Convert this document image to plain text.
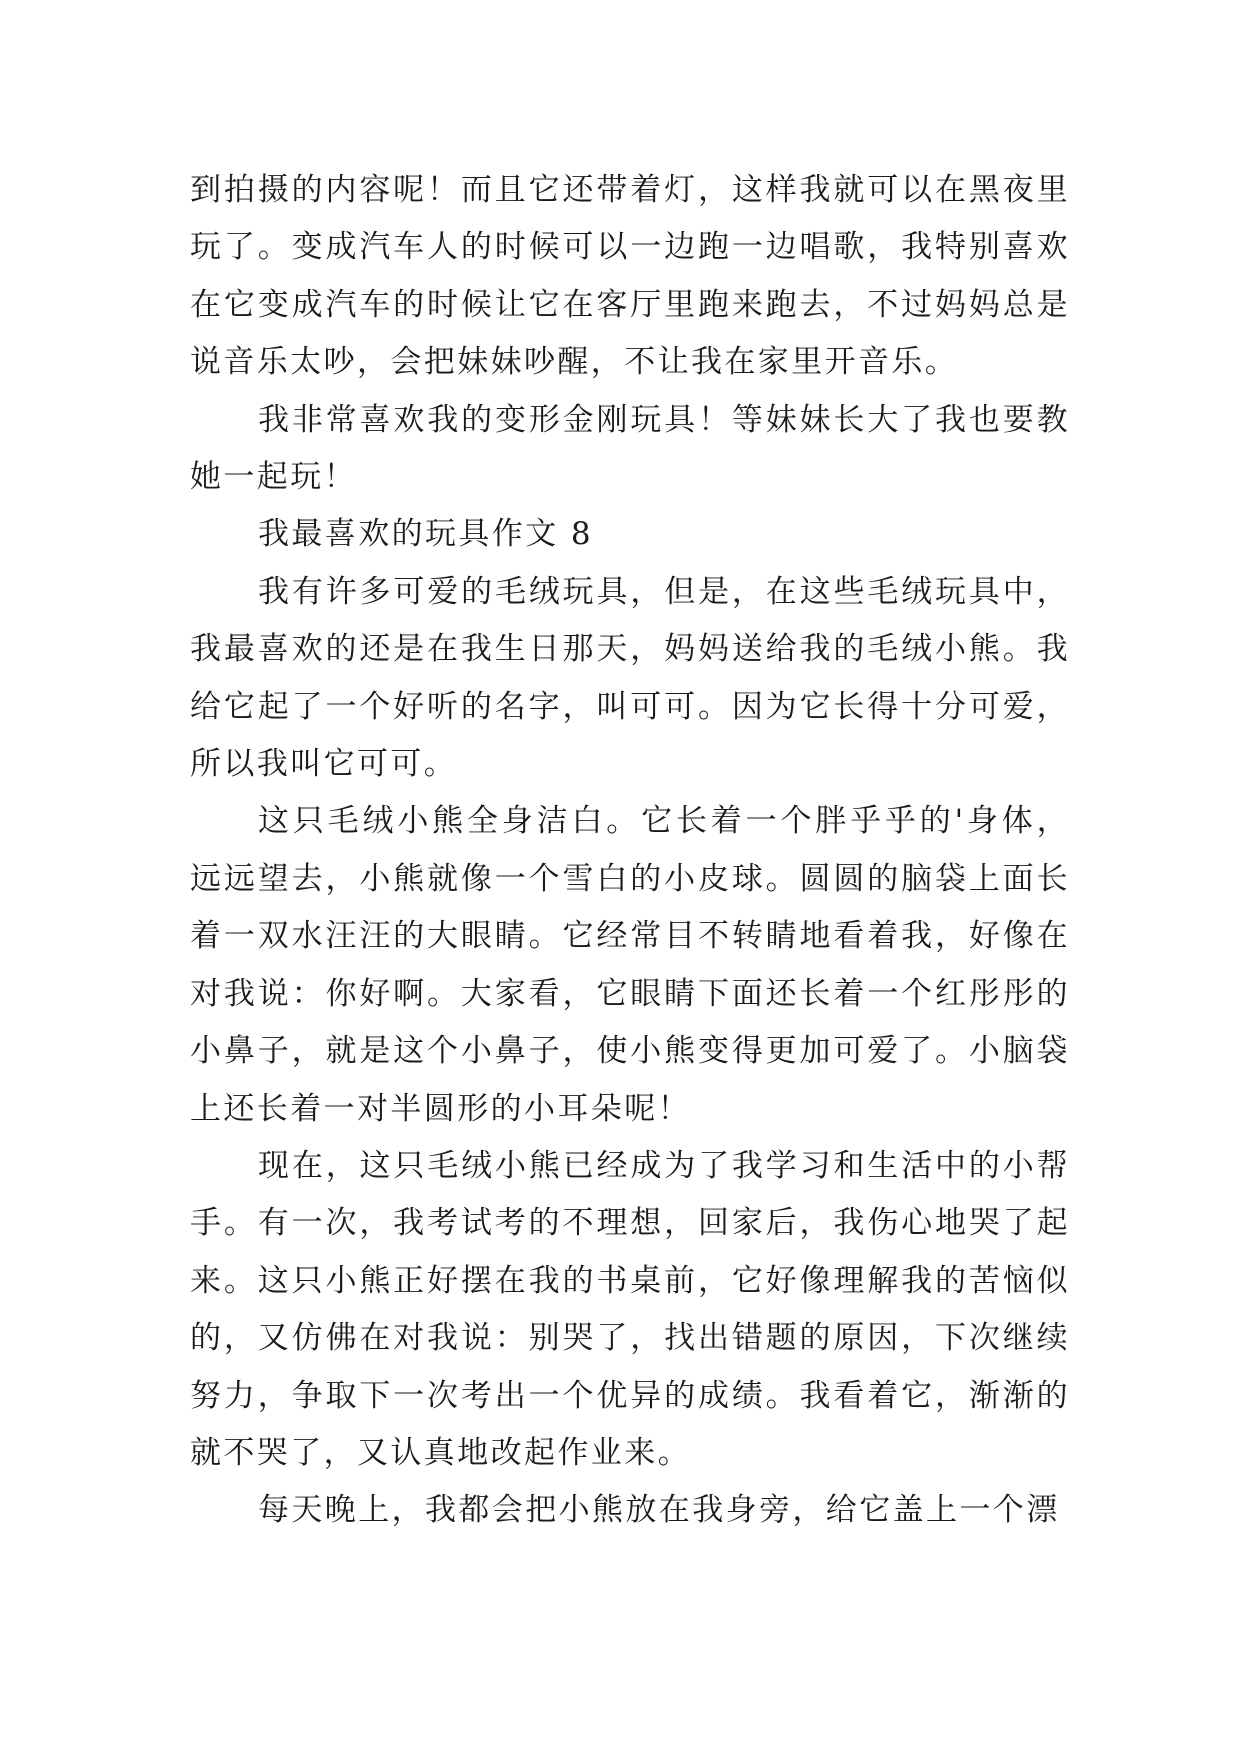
到拍摄的内容呢！而且它还带着灯，这样我就可以在黑夜里玩了。变成汽车人的时候可以一边跑一边唱歌，我特别喜欢在它变成汽车的时候让它在客厅里跑来跑去，不过妈妈总是说音乐太吵，会把妹妹吵醒，不让我在家里开音乐。

我非常喜欢我的变形金刚玩具！等妹妹长大了我也要教她一起玩！

我最喜欢的玩具作文 8

我有许多可爱的毛绒玩具，但是，在这些毛绒玩具中，我最喜欢的还是在我生日那天，妈妈送给我的毛绒小熊。我给它起了一个好听的名字，叫可可。因为它长得十分可爱，所以我叫它可可。

这只毛绒小熊全身洁白。它长着一个胖乎乎的'身体，远远望去，小熊就像一个雪白的小皮球。圆圆的脑袋上面长着一双水汪汪的大眼睛。它经常目不转睛地看着我，好像在对我说：你好啊。大家看，它眼睛下面还长着一个红彤彤的小鼻子，就是这个小鼻子，使小熊变得更加可爱了。小脑袋上还长着一对半圆形的小耳朵呢！

现在，这只毛绒小熊已经成为了我学习和生活中的小帮手。有一次，我考试考的不理想，回家后，我伤心地哭了起来。这只小熊正好摆在我的书桌前，它好像理解我的苦恼似的，又仿佛在对我说：别哭了，找出错题的原因，下次继续努力，争取下一次考出一个优异的成绩。我看着它，渐渐的就不哭了，又认真地改起作业来。

每天晚上，我都会把小熊放在我身旁，给它盖上一个漂
